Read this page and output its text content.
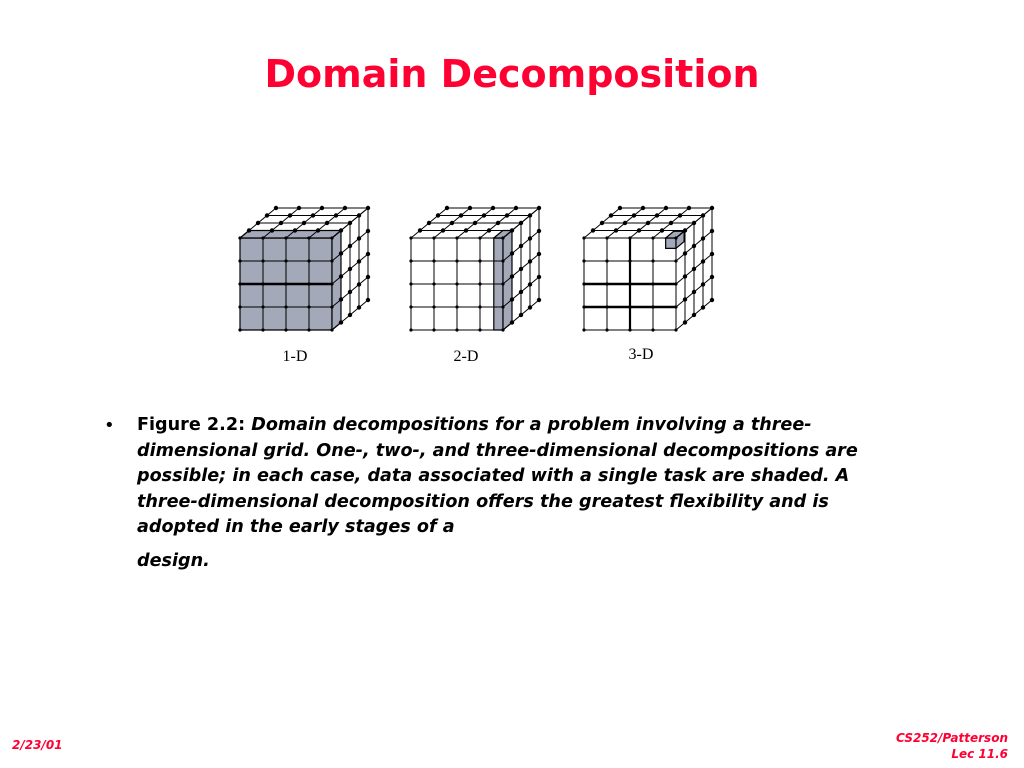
Domain Decomposition
1-D	2-D	3-D
• Figure 2.2: Domain decompositions for a problem involving a three-dimensional grid. One-, two-, and three-dimensional decompositions are possible; in each case, data associated with a single task are shaded. A three-dimensional decomposition offers the greatest flexibility and is adopted in the early stages of a
design.
2/23/01	CS252/Patterson
Lec 11.6
